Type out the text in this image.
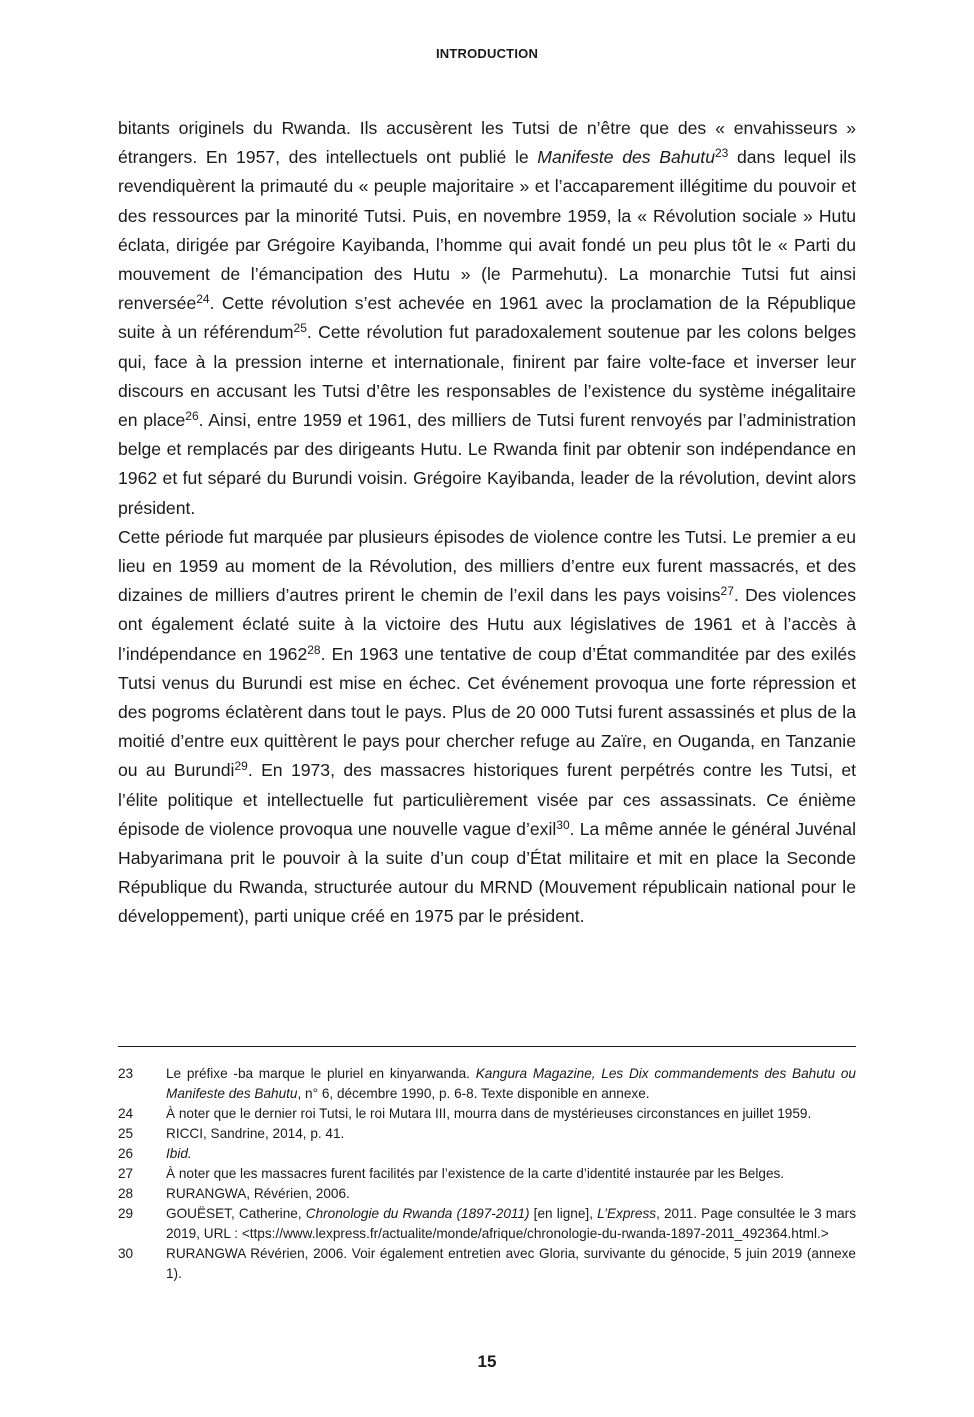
INTRODUCTION

bitants originels du Rwanda. Ils accusèrent les Tutsi de n’être que des « envahisseurs » étrangers. En 1957, des intellectuels ont publié le Manifeste des Bahutu$^{23}$ dans lequel ils revendiquèrent la primauté du « peuple majoritaire » et l’accaparement illégitime du pouvoir et des ressources par la minorité Tutsi. Puis, en novembre 1959, la « Révolution sociale » Hutu éclata, dirigée par Grégoire Kayibanda, l’homme qui avait fondé un peu plus tôt le « Parti du mouvement de l’émancipation des Hutu » (le Parmehutu). La monarchie Tutsi fut ainsi renversée$^{24}$. Cette révolution s’est achevée en 1961 avec la proclamation de la République suite à un référendum$^{25}$. Cette révolution fut paradoxalement soutenue par les colons belges qui, face à la pression interne et internationale, finirent par faire volte-face et inverser leur discours en accusant les Tutsi d’être les responsables de l’existence du système inégalitaire en place$^{26}$. Ainsi, entre 1959 et 1961, des milliers de Tutsi furent renvoyés par l’administration belge et remplacés par des dirigeants Hutu. Le Rwanda finit par obtenir son indépendance en 1962 et fut séparé du Burundi voisin. Grégoire Kayibanda, leader de la révolution, devint alors président.

Cette période fut marquée par plusieurs épisodes de violence contre les Tutsi. Le premier a eu lieu en 1959 au moment de la Révolution, des milliers d’entre eux furent massacrés, et des dizaines de milliers d’autres prirent le chemin de l’exil dans les pays voisins$^{27}$. Des violences ont également éclaté suite à la victoire des Hutu aux législatives de 1961 et à l’accès à l’indépendance en 1962$^{28}$. En 1963 une tentative de coup d’État commanditée par des exilés Tutsi venus du Burundi est mise en échec. Cet événement provoqua une forte répression et des pogroms éclatèrent dans tout le pays. Plus de 20 000 Tutsi furent assassinés et plus de la moitié d’entre eux quittèrent le pays pour chercher refuge au Zaïre, en Ouganda, en Tanzanie ou au Burundi$^{29}$. En 1973, des massacres historiques furent perpétrés contre les Tutsi, et l’élite politique et intellectuelle fut particulièrement visée par ces assassinats. Ce énième épisode de violence provoqua une nouvelle vague d’exil$^{30}$. La même année le général Juvénal Habyarimana prit le pouvoir à la suite d’un coup d’État militaire et mit en place la Seconde République du Rwanda, structurée autour du MRND (Mouvement républicain national pour le développement), parti unique créé en 1975 par le président.

23	Le préfixe -ba marque le pluriel en kinyarwanda. Kangura Magazine, Les Dix commandements des Bahutu ou Manifeste des Bahutu, n° 6, décembre 1990, p. 6-8. Texte disponible en annexe.
24	À noter que le dernier roi Tutsi, le roi Mutara III, mourra dans de mystérieuses circonstances en juillet 1959.
25	RICCI, Sandrine, 2014, p. 41.
26	Ibid.
27	À noter que les massacres furent facilités par l’existence de la carte d’identité instaurée par les Belges.
28	RURANGWA, Révérien, 2006.
29	GOUËSET, Catherine, Chronologie du Rwanda (1897-2011) [en ligne], L’Express, 2011. Page consultée le 3 mars 2019, URL : <ttps://www.lexpress.fr/actualite/monde/afrique/chronologie-du-rwanda-1897-2011_492364.html.>
30	RURANGWA Révérien, 2006. Voir également entretien avec Gloria, survivante du génocide, 5 juin 2019 (annexe 1).
15
